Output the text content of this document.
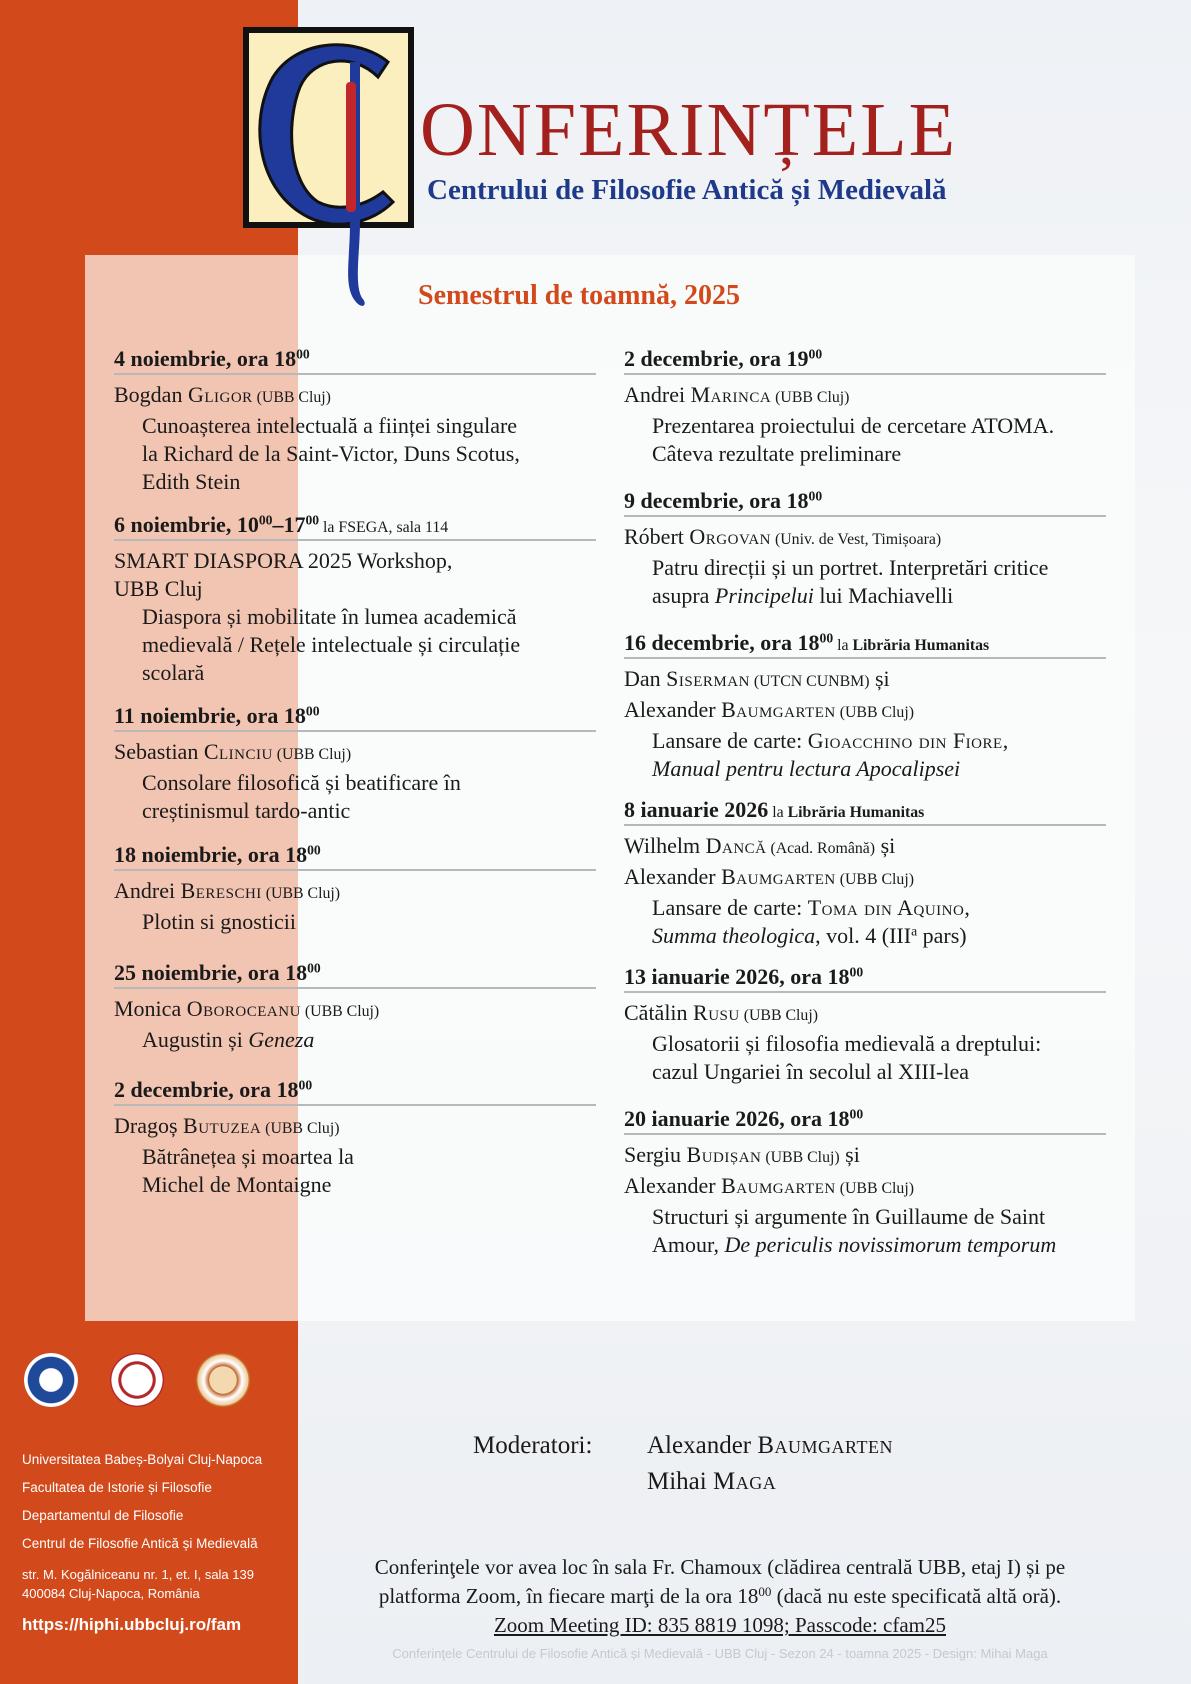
ONFERINȚELE
Centrului de Filosofie Antică și Medievală
Semestrul de toamnă, 2025
4 noiembrie, ora $18^{00}$
Bogdan Gligor (UBB Cluj)
Cunoașterea intelectuală a ființei singulare
la Richard de la Saint-Victor, Duns Scotus,
Edith Stein
6 noiembrie, $10^{00}-17^{00}$ la FSEGA, sala 114
SMART DIASPORA 2025 Workshop,
UBB Cluj
Diaspora și mobilitate în lumea academică
medievală / Rețele intelectuale și circulație
scolară
11 noiembrie, ora $18^{00}$
Sebastian Clinciu (UBB Cluj)
Consolare filosofică și beatificare în
creștinismul tardo-antic
18 noiembrie, ora $18^{00}$
Andrei Bereschi (UBB Cluj)
Plotin si gnosticii
25 noiembrie, ora $18^{00}$
Monica Oboroceanu (UBB Cluj)
Augustin și Geneza
2 decembrie, ora $18^{00}$
Dragoș Butuzea (UBB Cluj)
Bătrânețea și moartea la
Michel de Montaigne
2 decembrie, ora $19^{00}$
Andrei Marinca (UBB Cluj)
Prezentarea proiectului de cercetare ATOMA.
Câteva rezultate preliminare
9 decembrie, ora $18^{00}$
Róbert Orgovan (Univ. de Vest, Timișoara)
Patru direcții și un portret. Interpretări critice
asupra Principelui lui Machiavelli
16 decembrie, ora $18^{00}$ la Librăria Humanitas
Dan Siserman (UTCN CUNBM) și
Alexander Baumgarten (UBB Cluj)
Lansare de carte: Gioacchino din Fiore,
Manual pentru lectura Apocalipsei
8 ianuarie 2026 la Librăria Humanitas
Wilhelm Dancă (Acad. Română) și
Alexander Baumgarten (UBB Cluj)
Lansare de carte: Toma din Aquino,
Summa theologica, vol. 4 (III$^a$ pars)
13 ianuarie 2026, ora $18^{00}$
Cătălin Rusu (UBB Cluj)
Glosatorii și filosofia medievală a dreptului:
cazul Ungariei în secolul al XIII-lea
20 ianuarie 2026, ora $18^{00}$
Sergiu Budișan (UBB Cluj) și
Alexander Baumgarten (UBB Cluj)
Structuri și argumente în Guillaume de Saint
Amour, De periculis novissimorum temporum
Universitatea Babeș-Bolyai Cluj-Napoca
Facultatea de Istorie și Filosofie
Departamentul de Filosofie
Centrul de Filosofie Antică și Medievală
str. M. Kogălniceanu nr. 1, et. I, sala 139
400084 Cluj-Napoca, România
https://hiphi.ubbcluj.ro/fam
Moderatori: Alexander Baumgarten
Mihai Maga
Conferinţele vor avea loc în sala Fr. Chamoux (clădirea centrală UBB, etaj I) și pe
platforma Zoom, în fiecare marţi de la ora $18^{00}$ (dacă nu este specificată altă oră).
Zoom Meeting ID: 835 8819 1098; Passcode: cfam25
Conferinţele Centrului de Filosofie Antică și Medievală - UBB Cluj - Sezon 24 - toamna 2025 - Design: Mihai Maga
